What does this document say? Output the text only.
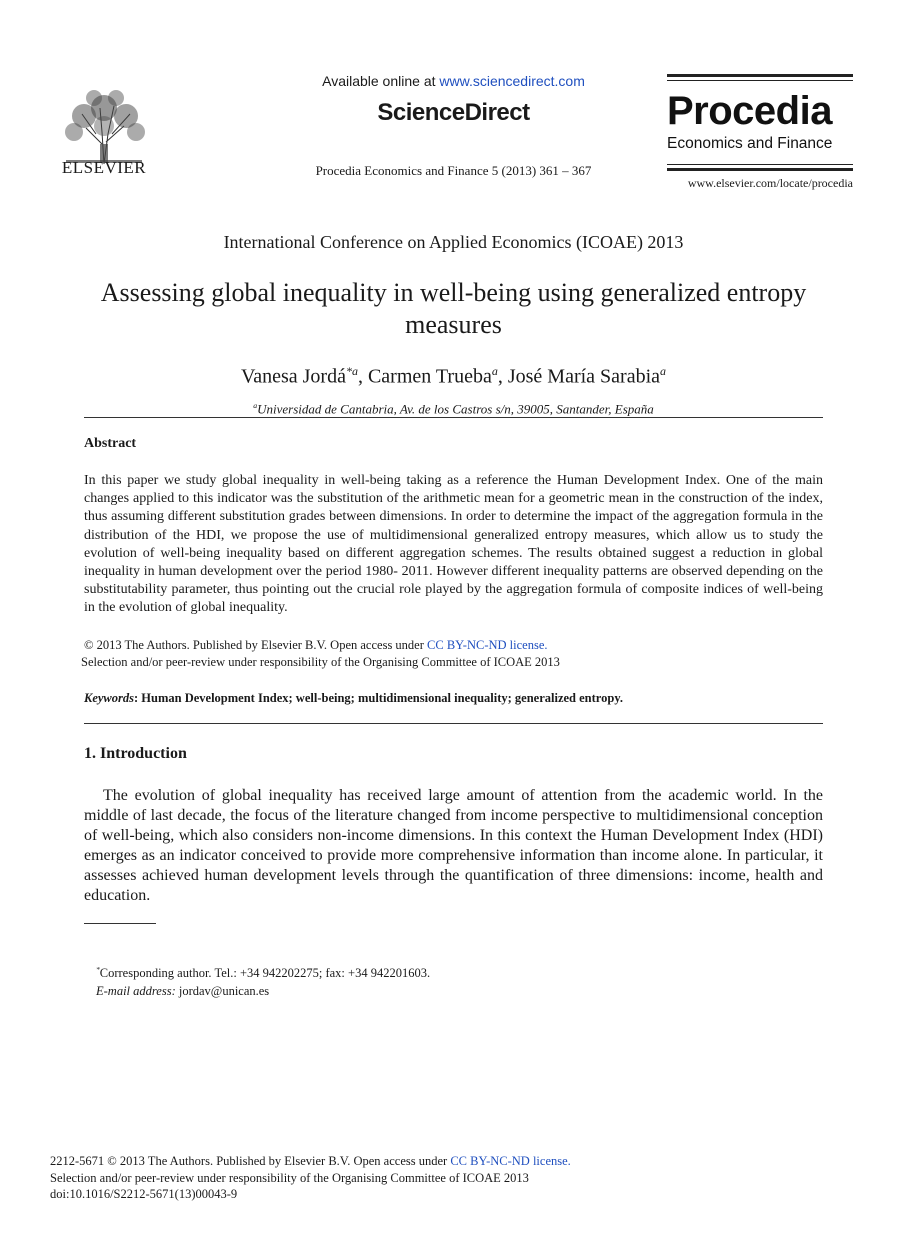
ELSEVIER
Available online at www.sciencedirect.com
ScienceDirect
Procedia Economics and Finance 5 (2013) 361 – 367
Procedia
Economics and Finance
www.elsevier.com/locate/procedia
International Conference on Applied Economics (ICOAE) 2013
Assessing global inequality in well-being using generalized entropy measures
Vanesa Jordá$^{*a}$, Carmen Trueba$^a$, José María Sarabia$^a$
$^a$Universidad de Cantabria, Av. de los Castros s/n, 39005, Santander, España
Abstract
In this paper we study global inequality in well-being taking as a reference the Human Development Index. One of the main changes applied to this indicator was the substitution of the arithmetic mean for a geometric mean in the construction of the index, thus assuming different substitution grades between dimensions. In order to determine the impact of the aggregation formula in the distribution of the HDI, we propose the use of multidimensional generalized entropy measures, which allow us to study the evolution of well-being inequality based on different aggregation schemes. The results obtained suggest a reduction in global inequality in human development over the period 1980- 2011. However different inequality patterns are observed depending on the substitutability parameter, thus pointing out the crucial role played by the aggregation formula of composite indices of well-being in the evolution of global inequality.
© 2013 The Authors. Published by Elsevier B.V. Open access under CC BY-NC-ND license.
Selection and/or peer-review under responsibility of the Organising Committee of ICOAE 2013
Keywords: Human Development Index; well-being; multidimensional inequality; generalized entropy.
1. Introduction
The evolution of global inequality has received large amount of attention from the academic world. In the middle of last decade, the focus of the literature changed from income perspective to multidimensional conception of well-being, which also considers non-income dimensions. In this context the Human Development Index (HDI) emerges as an indicator conceived to provide more comprehensive information than income alone. In particular, it assesses achieved human development levels through the quantification of three dimensions: income, health and education.
*Corresponding author. Tel.: +34 942202275; fax: +34 942201603.
E-mail address: jordav@unican.es
2212-5671 © 2013 The Authors. Published by Elsevier B.V. Open access under CC BY-NC-ND license.
Selection and/or peer-review under responsibility of the Organising Committee of ICOAE 2013
doi:10.1016/S2212-5671(13)00043-9
